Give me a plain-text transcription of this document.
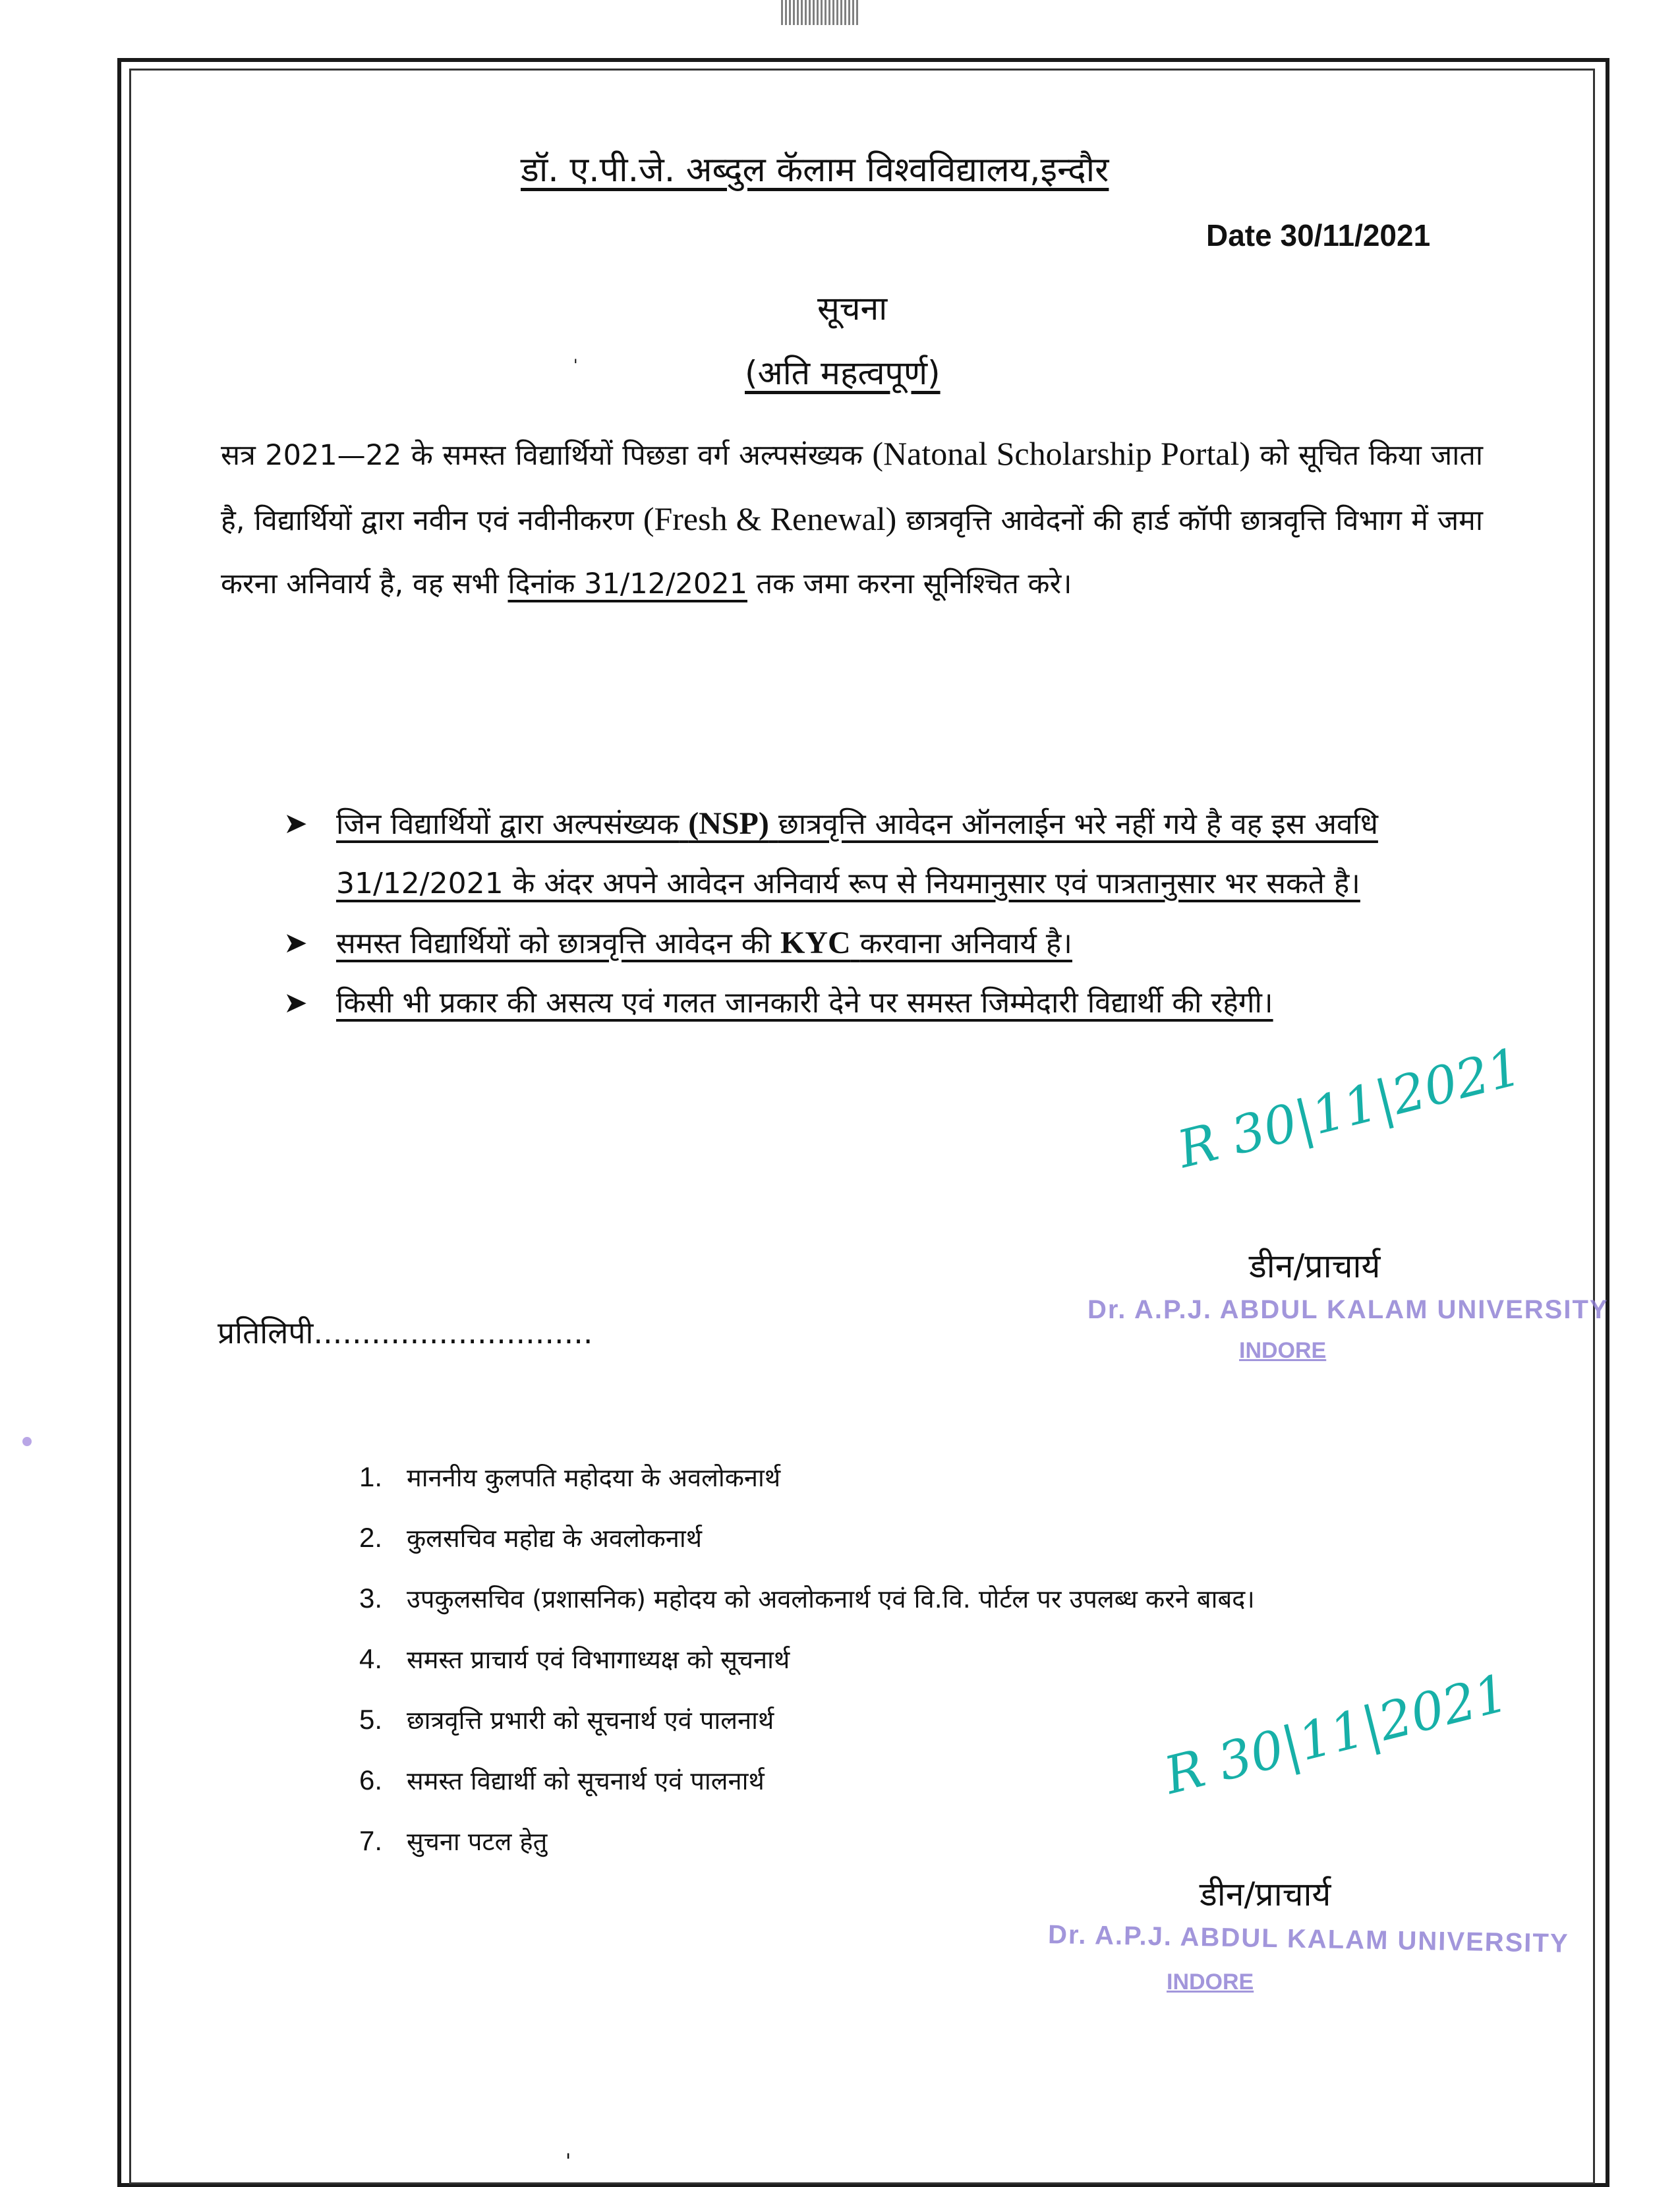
डॉ. ए.पी.जे. अब्दुल कॅलाम विश्वविद्यालय,इन्दौर
Date 30/11/2021
'
सूचना
(अति महत्वपूर्ण)
सत्र 2021—22 के समस्त विद्यार्थियों पिछडा वर्ग अल्पसंख्यक (Natonal Scholarship Portal) को सूचित किया जाता है, विद्यार्थियों द्वारा नवीन एवं नवीनीकरण (Fresh & Renewal) छात्रवृत्ति आवेदनों की हार्ड कॉपी छात्रवृत्ति विभाग में जमा करना अनिवार्य है, वह सभी दिनांक 31/12/2021 तक जमा करना सूनिश्चित करे।
➤ जिन विद्यार्थियों द्वारा अल्पसंख्यक (NSP) छात्रवृत्ति आवेदन ऑनलाईन भरे नहीं गये है वह इस अवधि 31/12/2021 के अंदर अपने आवेदन अनिवार्य रूप से नियमानुसार एवं पात्रतानुसार भर सकते है।
➤ समस्त विद्यार्थियों को छात्रवृत्ति आवेदन की KYC करवाना अनिवार्य है।
➤ किसी भी प्रकार की असत्य एवं गलत जानकारी देने पर समस्त जिम्मेदारी विद्यार्थी की रहेगी।
R 30|11|2021
डीन/प्राचार्य
Dr. A.P.J. ABDUL KALAM UNIVERSITY
INDORE
प्रतिलिपी.............................
1. माननीय कुलपति महोदया के अवलोकनार्थ
2. कुलसचिव महोद्य के अवलोकनार्थ
3. उपकुलसचिव (प्रशासनिक) महोदय को अवलोकनार्थ एवं वि.वि. पोर्टल पर उपलब्ध करने बाबद।
4. समस्त प्राचार्य एवं विभागाध्यक्ष को सूचनार्थ
5. छात्रवृत्ति प्रभारी को सूचनार्थ एवं पालनार्थ
6. समस्त विद्यार्थी को सूचनार्थ एवं पालनार्थ
7. सुचना पटल हेतु
R 30|11|2021
डीन/प्राचार्य
Dr. A.P.J. ABDUL KALAM UNIVERSITY
INDORE
'
